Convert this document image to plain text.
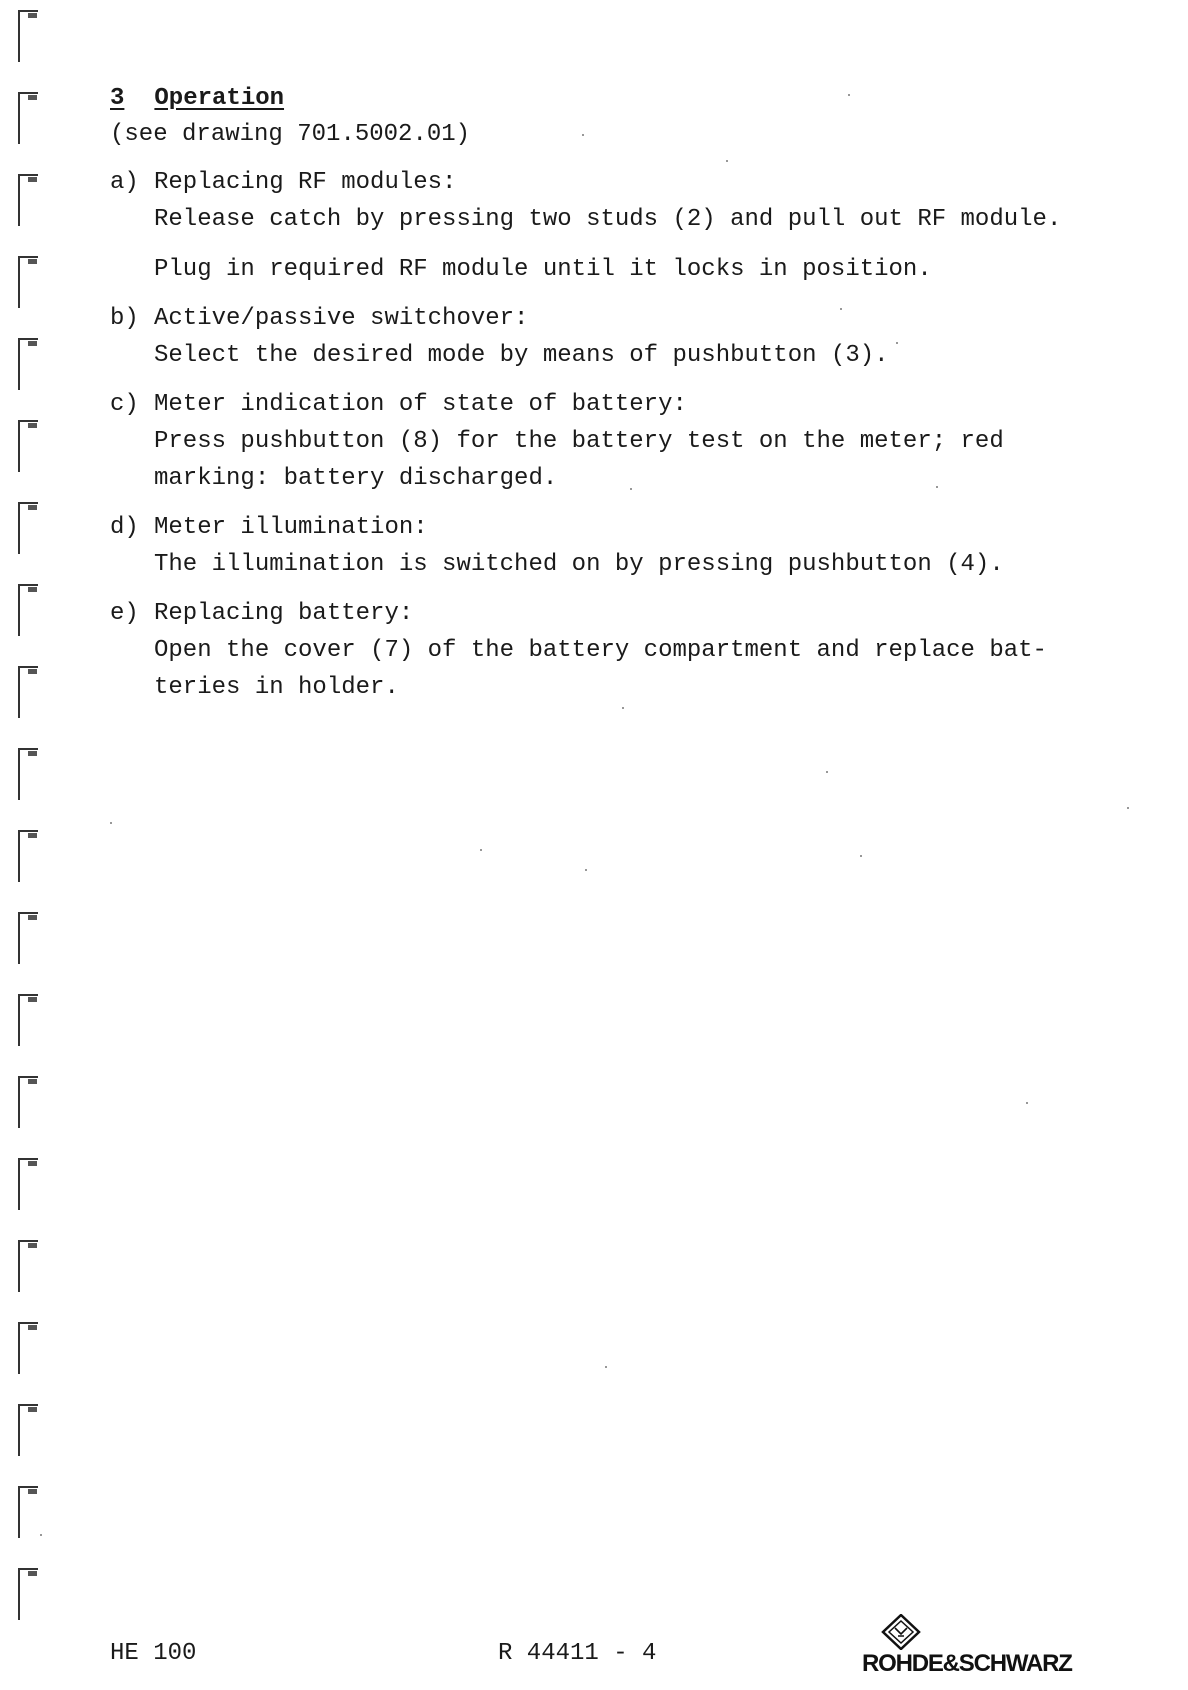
3 Operation

(see drawing 701.5002.01)

a) Replacing RF modules:
Release catch by pressing two studs (2) and pull out RF module.
Plug in required RF module until it locks in position.
b) Active/passive switchover:
Select the desired mode by means of pushbutton (3).
c) Meter indication of state of battery:
Press pushbutton (8) for the battery test on the meter; red marking: battery discharged.
d) Meter illumination:
The illumination is switched on by pressing pushbutton (4).
e) Replacing battery:
Open the cover (7) of the battery compartment and replace bat- teries in holder.
HE 100	R 44411 - 4	ROHDE&SCHWARZ
